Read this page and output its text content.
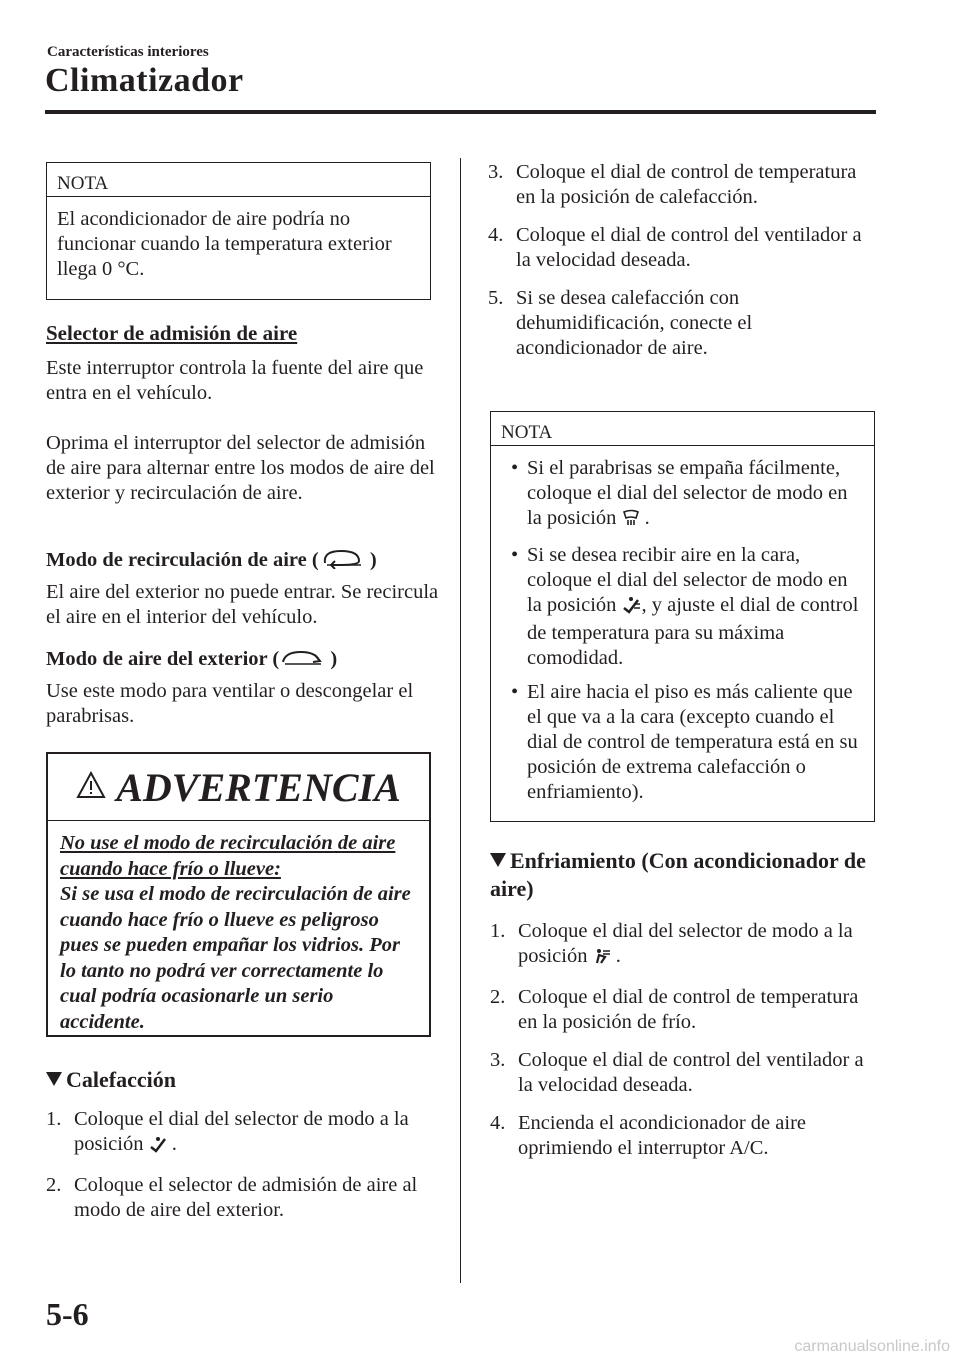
Características interiores
Climatizador
NOTA
El acondicionador de aire podría no funcionar cuando la temperatura exterior llega 0 °C.
Selector de admisión de aire
Este interruptor controla la fuente del aire que entra en el vehículo.
Oprima el interruptor del selector de admisión de aire para alternar entre los modos de aire del exterior y recirculación de aire.
Modo de recirculación de aire ( )
El aire del exterior no puede entrar. Se recircula el aire en el interior del vehículo.
Modo de aire del exterior ( )
Use este modo para ventilar o descongelar el parabrisas.
ADVERTENCIA
No use el modo de recirculación de aire cuando hace frío o llueve:
Si se usa el modo de recirculación de aire cuando hace frío o llueve es peligroso pues se pueden empañar los vidrios. Por lo tanto no podrá ver correctamente lo cual podría ocasionarle un serio accidente.
Calefacción
1. Coloque el dial del selector de modo a la posición .
2. Coloque el selector de admisión de aire al modo de aire del exterior.
3. Coloque el dial de control de temperatura en la posición de calefacción.
4. Coloque el dial de control del ventilador a la velocidad deseada.
5. Si se desea calefacción con dehumidificación, conecte el acondicionador de aire.
NOTA
• Si el parabrisas se empaña fácilmente, coloque el dial del selector de modo en la posición .
• Si se desea recibir aire en la cara, coloque el dial del selector de modo en la posición , y ajuste el dial de control de temperatura para su máxima comodidad.
• El aire hacia el piso es más caliente que el que va a la cara (excepto cuando el dial de control de temperatura está en su posición de extrema calefacción o enfriamiento).
Enfriamiento (Con acondicionador de aire)
1. Coloque el dial del selector de modo a la posición .
2. Coloque el dial de control de temperatura en la posición de frío.
3. Coloque el dial de control del ventilador a la velocidad deseada.
4. Encienda el acondicionador de aire oprimiendo el interruptor A/C.
5-6
carmanualsonline.info
